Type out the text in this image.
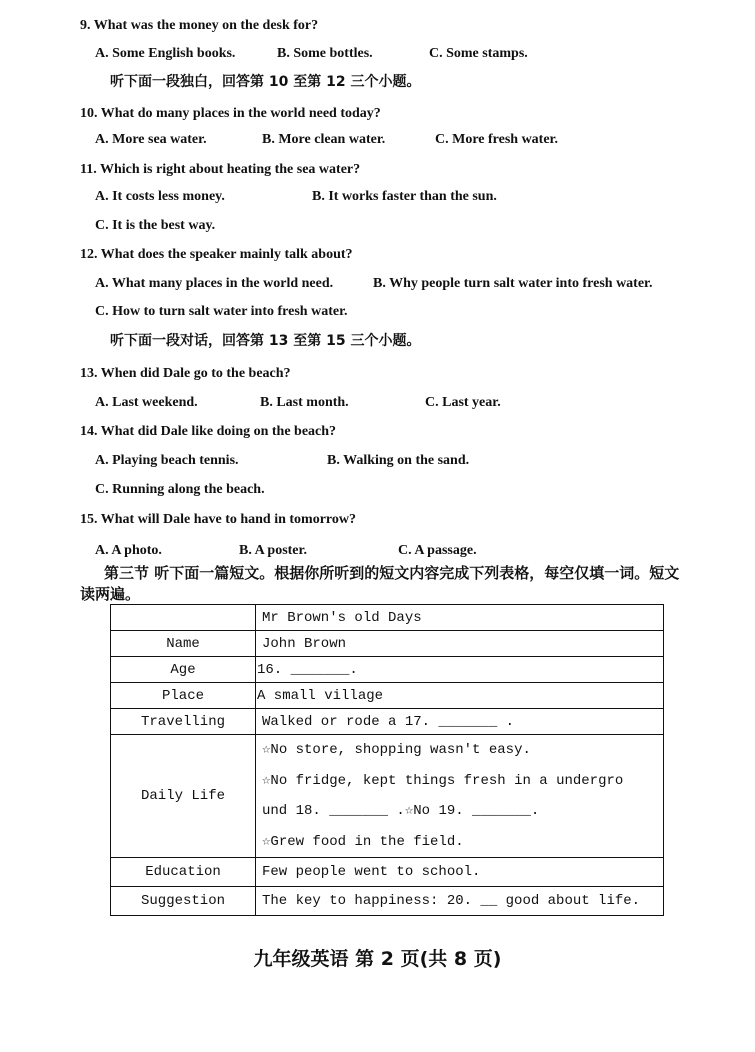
9. What was the money on the desk for?
A. Some English books.	B. Some bottles.	C. Some stamps.
听下面一段独白，回答第 10 至第 12 三个小题。
10. What do many places in the world need today?
A. More sea water.	B. More clean water.	C. More fresh water.
11. Which is right about heating the sea water?
A. It costs less money.	B. It works faster than the sun.
C. It is the best way.
12. What does the speaker mainly talk about?
A. What many places in the world need.	B. Why people turn salt water into fresh water.
C. How to turn salt water into fresh water.
听下面一段对话，回答第 13 至第 15 三个小题。
13. When did Dale go to the beach?
A. Last weekend.	B. Last month.	C. Last year.
14. What did Dale like doing on the beach?
A. Playing beach tennis.	B. Walking on the sand.
C. Running along the beach.
15. What will Dale have to hand in tomorrow?
A. A photo.	B. A poster.	C. A passage.
第三节 听下面一篇短文。根据你所听到的短文内容完成下列表格，每空仅填一词。短文
读两遍。
	Mr Brown's old Days
Name	John Brown
Age	16. _______.
Place	A small village
Travelling	Walked or rode a 17. _______ .
Daily Life	☆No store, shopping wasn't easy.
☆No fridge, kept things fresh in a undergro
und 18. _______ .☆No 19. _______.
☆Grew food in the field.

Education	Few people went to school.
Suggestion	The key to happiness: 20. __ good about life.
九年级英语 第 2 页(共 8 页)
